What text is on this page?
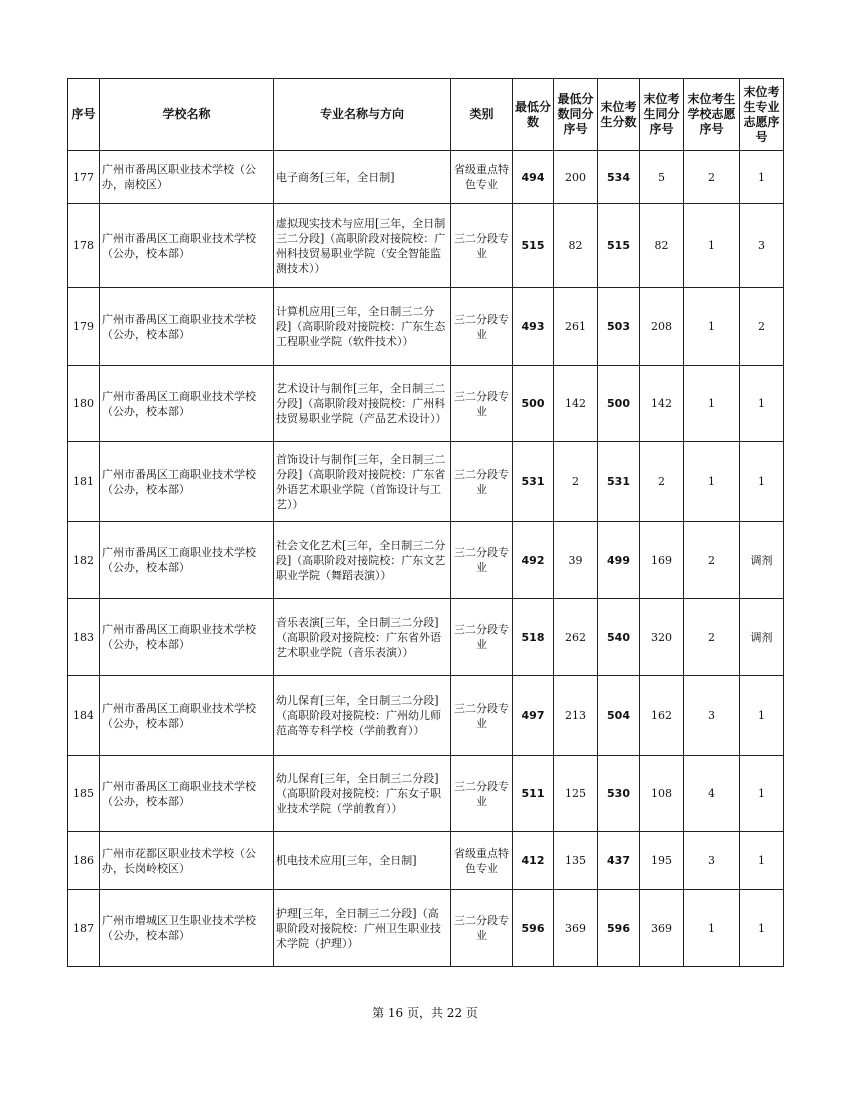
序号	学校名称	专业名称与方向	类别	最低分数	最低分数同分序号	末位考生分数	末位考生同分序号	末位考生学校志愿序号	末位考生专业志愿序号
177	广州市番禺区职业技术学校（公办，南校区）	电子商务[三年，全日制]	省级重点特色专业	494	200	534	5	2	1
178	广州市番禺区工商职业技术学校（公办，校本部）	虚拟现实技术与应用[三年，全日制三二分段]（高职阶段对接院校：广州科技贸易职业学院（安全智能监测技术））	三二分段专业	515	82	515	82	1	3
179	广州市番禺区工商职业技术学校（公办，校本部）	计算机应用[三年，全日制三二分段]（高职阶段对接院校：广东生态工程职业学院（软件技术））	三二分段专业	493	261	503	208	1	2
180	广州市番禺区工商职业技术学校（公办，校本部）	艺术设计与制作[三年，全日制三二分段]（高职阶段对接院校：广州科技贸易职业学院（产品艺术设计））	三二分段专业	500	142	500	142	1	1
181	广州市番禺区工商职业技术学校（公办，校本部）	首饰设计与制作[三年，全日制三二分段]（高职阶段对接院校：广东省外语艺术职业学院（首饰设计与工艺））	三二分段专业	531	2	531	2	1	1
182	广州市番禺区工商职业技术学校（公办，校本部）	社会文化艺术[三年，全日制三二分段]（高职阶段对接院校：广东文艺职业学院（舞蹈表演））	三二分段专业	492	39	499	169	2	调剂
183	广州市番禺区工商职业技术学校（公办，校本部）	音乐表演[三年，全日制三二分段]（高职阶段对接院校：广东省外语艺术职业学院（音乐表演））	三二分段专业	518	262	540	320	2	调剂
184	广州市番禺区工商职业技术学校（公办，校本部）	幼儿保育[三年，全日制三二分段]（高职阶段对接院校：广州幼儿师范高等专科学校（学前教育））	三二分段专业	497	213	504	162	3	1
185	广州市番禺区工商职业技术学校（公办，校本部）	幼儿保育[三年，全日制三二分段]（高职阶段对接院校：广东女子职业技术学院（学前教育））	三二分段专业	511	125	530	108	4	1
186	广州市花都区职业技术学校（公办，长岗岭校区）	机电技术应用[三年，全日制]	省级重点特色专业	412	135	437	195	3	1
187	广州市增城区卫生职业技术学校（公办，校本部）	护理[三年，全日制三二分段]（高职阶段对接院校：广州卫生职业技术学院（护理））	三二分段专业	596	369	596	369	1	1
第 16 页，共 22 页
